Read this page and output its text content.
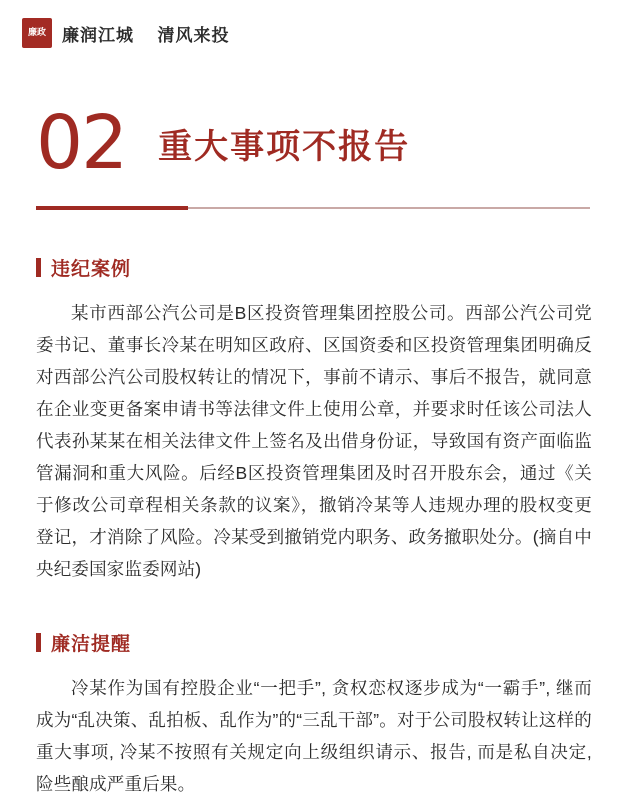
廉政 廉润江城 清风来投
02 重大事项不报告
违纪案例
某市西部公汽公司是B区投资管理集团控股公司。西部公汽公司党委书记、董事长冷某在明知区政府、区国资委和区投资管理集团明确反对西部公汽公司股权转让的情况下，事前不请示、事后不报告，就同意在企业变更备案申请书等法律文件上使用公章，并要求时任该公司法人代表孙某某在相关法律文件上签名及出借身份证，导致国有资产面临监管漏洞和重大风险。后经B区投资管理集团及时召开股东会，通过《关于修改公司章程相关条款的议案》，撤销冷某等人违规办理的股权变更登记，才消除了风险。冷某受到撤销党内职务、政务撤职处分。(摘自中央纪委国家监委网站)
廉洁提醒
冷某作为国有控股企业“一把手”, 贪权恋权逐步成为“一霸手”, 继而成为“乱决策、乱拍板、乱作为”的“三乱干部”。对于公司股权转让这样的重大事项, 冷某不按照有关规定向上级组织请示、报告, 而是私自决定, 险些酿成严重后果。
